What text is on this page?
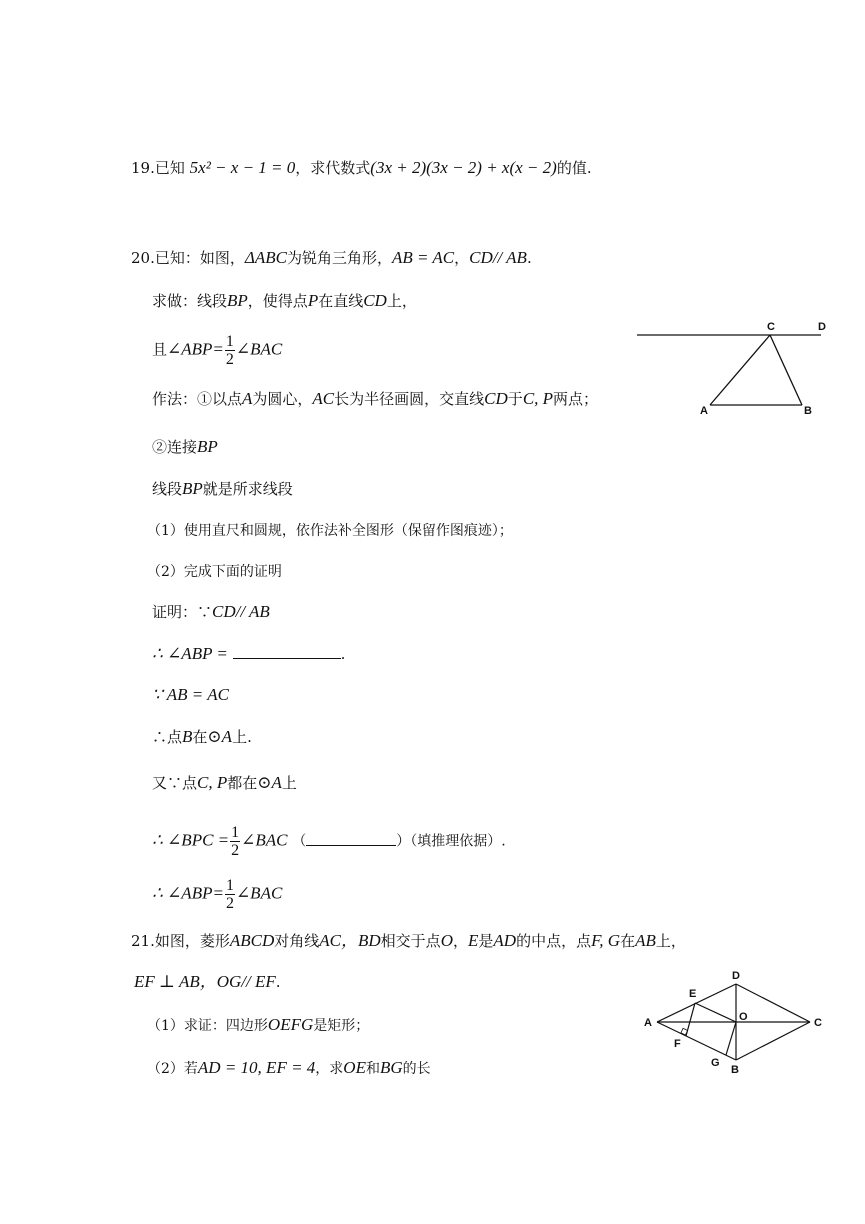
19.已知 5x² − x − 1 = 0，求代数式(3x + 2)(3x − 2) + x(x − 2)的值.
20.已知：如图，ΔABC为锐角三角形，AB = AC，CD// AB.
求做：线段BP，使得点P在直线CD上，
且∠ABP= $\frac{1}{2}$ ∠BAC
作法：①以点A为圆心，AC长为半径画圆，交直线CD于C, P两点；
②连接BP
线段BP就是所求线段
（1）使用直尺和圆规，依作法补全图形（保留作图痕迹）；
（2）完成下面的证明
证明：∵CD// AB
∴ ∠ABP =	.
∵ AB = AC
∴点B在⊙A上.
又∵点C, P都在⊙A上
∴ ∠BPC = $\frac{1}{2}$ ∠BAC （	）（填推理依据）.
∴ ∠ABP= $\frac{1}{2}$ ∠BAC
C	D
A	B
21.如图，菱形ABCD对角线AC，BD相交于点O，E是AD的中点，点F, G在AB上，
EF ⊥ AB，OG// EF.
（1）求证：四边形OEFG是矩形；
（2）若AD = 10, EF = 4，求OE和BG的长
A
D
C
B
E
O
F
G
